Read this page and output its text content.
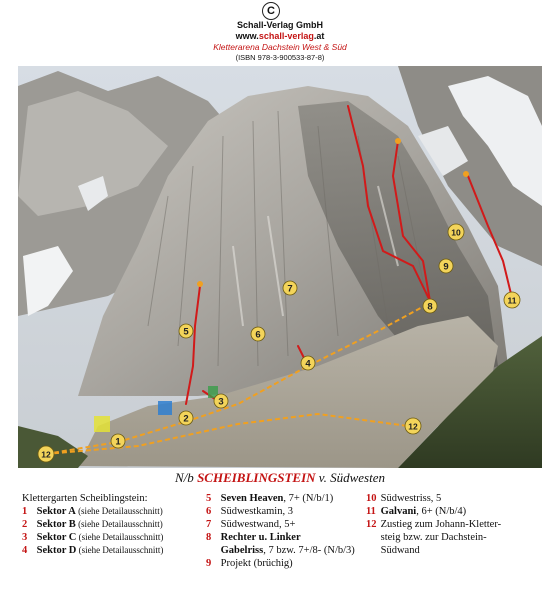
C
Schall-Verlag GmbH
www.schall-verlag.at
Kletterarena Dachstein West & Süd
(ISBN 978-3-900533-87-8)
1
2
3
4
5	6
7
8
9
10
11
12
12
N/b SCHEIBLINGSTEIN v. Südwesten
Klettergarten Scheiblingstein:
1 Sektor A (siehe Detailausschnitt)
2 Sektor B (siehe Detailausschnitt)
3 Sektor C (siehe Detailausschnitt)
4 Sektor D (siehe Detailausschnitt)
5 Seven Heaven, 7+ (N/b/1)
6 Südwestkamin, 3
7 Südwestwand, 5+
8 Rechter u. Linker
Gabelriss, 7 bzw. 7+/8- (N/b/3)
9 Projekt (brüchig)
10 Südwestriss, 5
11 Galvani, 6+ (N/b/4)
12 Zustieg zum Johann-Kletter-
steig bzw. zur Dachstein-
Südwand
